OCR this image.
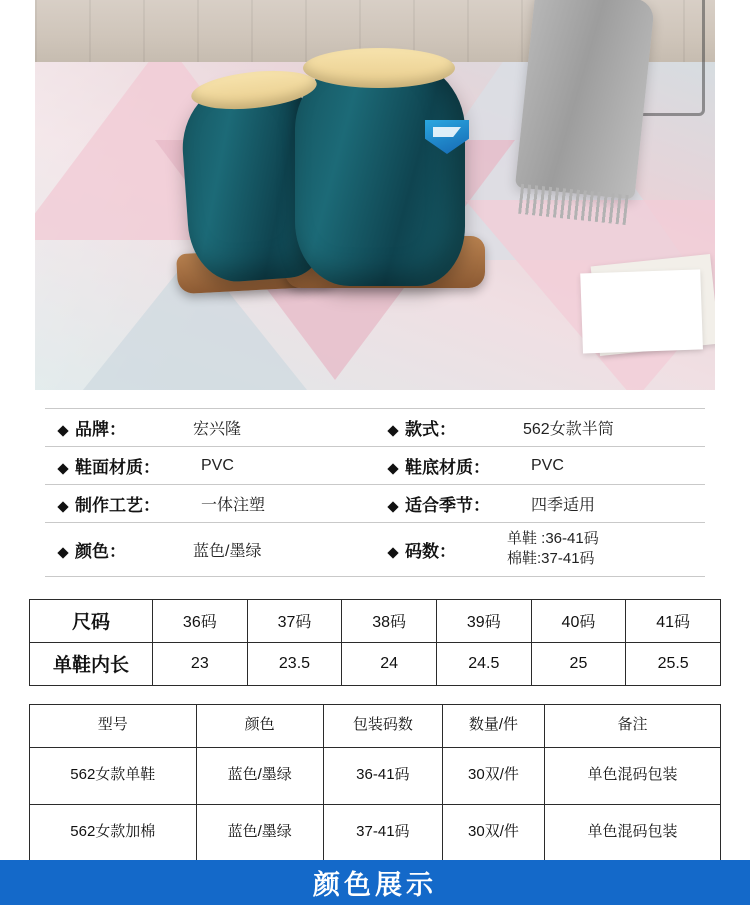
品牌：	宏兴隆	款式：	562女款半筒
鞋面材质：	PVC	鞋底材质：	PVC
制作工艺：	一体注塑	适合季节：	四季适用
颜色：	蓝色/墨绿	码数：
单鞋 :36-41码
棉鞋:37-41码
尺码	36码	37码	38码	39码	40码	41码
单鞋内长	23	23.5	24	24.5	25	25.5
型号	颜色	包装码数	数量/件	备注
562女款单鞋	蓝色/墨绿	36-41码	30双/件	单色混码包装
562女款加棉	蓝色/墨绿	37-41码	30双/件	单色混码包装
颜色展示
